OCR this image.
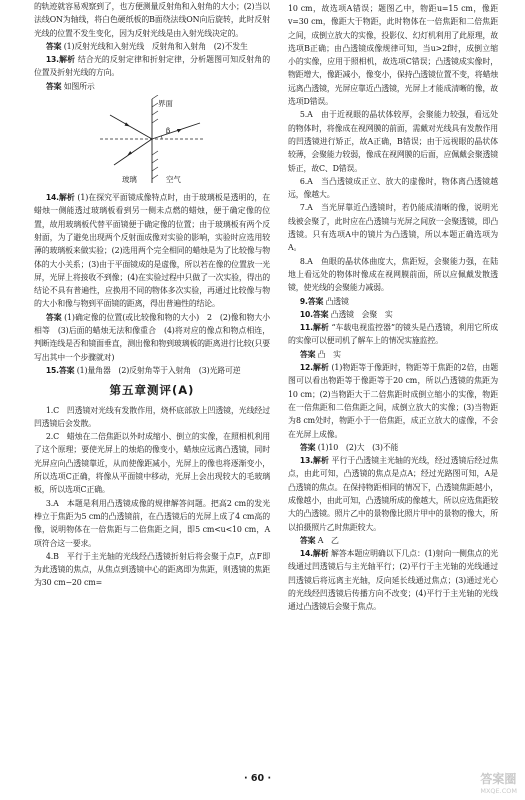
的轨迹就容易观察到了，也方便测量反射角和入射角的大小；(2)当以法线ON为轴线，将白色硬纸板的B面绕法线ON向后旋转，此时反射光线的位置不发生变化，因为反射光线是由入射光线决定的。

答案 (1)反射光线和入射光线　反射角和入射角　(2)不发生

13.解析 结合光的反射定律和折射定律，分析题图可知反射角的位置及折射光线的方向。

答案 如图所示

界面
β
玻璃	空气

14.解析 (1)在探究平面镜成像特点时，由于玻璃板是透明的，在蜡烛一侧能透过玻璃板看到另一侧未点燃的蜡烛，便于确定像的位置，故用玻璃板代替平面镜便于确定像的位置；由于玻璃板有两个反射面，为了避免出现两个反射面成像对实验的影响，实验时应选用较薄的玻璃板来做实验；(2)选用两个完全相同的蜡烛是为了比较像与物体的大小关系；(3)由于平面镜成的是虚像，所以若在像的位置放一光屏，光屏上将接收不到像；(4)在实验过程中只做了一次实验，得出的结论不具有普遍性，应换用不同的物体多次实验，再通过比较像与物的大小和像与物到平面镜的距离，得出普遍性的结论。

答案 (1)确定像的位置(或比较像和物的大小)　2　(2)像和物大小相等　(3)后面的蜡烛无法和像重合　(4)将对应的像点和物点相连，判断连线是否和镜面垂直，测出像和物到玻璃板的距离进行比较(只要写出其中一个步骤就对)

15.答案 (1)量角器　(2)反射角等于入射角　(3)光路可逆

第五章测评(A)

1.C　凹透镜对光线有发散作用，烧杯底部放上凹透镜，光线经过凹透镜后会发散。

2.C　蜡烛在二倍焦距以外时成缩小、倒立的实像，在照相机利用了这个原理；要使光屏上的烛焰的像变小，蜡烛应远离凸透镜，同时光屏应向凸透镜靠近，从而使像距减小，光屏上的像也将逐渐变小，所以选项C正确，将像从平面镜中移动，光屏上会出现较大的毛玻璃板，所以选项C正确。

3.A　本题是利用凸透镜成像的规律解答问题。把高2 cm的发光棒立于焦距为5 cm的凸透镜前，在凸透镜后的光屏上成了4 cm高的像，说明物体在一倍焦距与二倍焦距之间，即5 cm<u<10 cm，A项符合这一要求。

4.B　平行于主光轴的光线经凸透镜折射后将会聚于点F，点F即为此透镜的焦点，从焦点到透镜中心的距离即为焦距，则透镜的焦距为30 cm−20 cm=

10 cm，故选项A错误；题图乙中，物距u=15 cm，像距v=30 cm，像距大于物距，此时物体在一倍焦距和二倍焦距之间，成倒立放大的实像，投影仪、幻灯机利用了此原理，故选项B正确；由凸透镜成像规律可知，当u>2f时，成倒立缩小的实像，应用于照相机，故选项C错误；凸透镜成实像时，物距增大，像距减小，像变小，保持凸透镜位置不变，将蜡烛远离凸透镜，光屏应靠近凸透镜，光屏上才能成清晰的像，故选项D错误。

5.A　由于近视眼的晶状体较厚，会聚能力较强，看远处的物体时，将像成在视网膜的前面，需戴对光线具有发散作用的凹透镜进行矫正，故A正确，B错误；由于远视眼的晶状体较薄，会聚能力较弱，像成在视网膜的后面，应佩戴会聚透镜矫正，故C、D错误。

6.A　当凸透镜成正立、放大的虚像时，物体离凸透镜越远，像越大。

7.A　当光屏靠近凸透镜时，若仍能成清晰的像，说明光线被会聚了，此时应在凸透镜与光屏之间放一会聚透镜，即凸透镜。只有选项A中的镜片为凸透镜，所以本题正确选项为A。

8.A　鱼眼的晶状体曲度大，焦距短，会聚能力强，在陆地上看远处的物体时像成在视网膜前面，所以应佩戴发散透镜，使光线的会聚能力减弱。

9.答案 凸透镜

10.答案 凸透镜　会聚　实

11.解析 “车载电视监控器”的镜头是凸透镜，利用它所成的实像可以便司机了解车上的情况实施监控。

答案 凸　实

12.解析 (1)物距等于像距时，物距等于焦距的2倍，由题图可以看出物距等于像距等于20 cm，所以凸透镜的焦距为10 cm；(2)当物距大于二倍焦距时成倒立缩小的实像，物距在一倍焦距和二倍焦距之间，成倒立放大的实像；(3)当物距为8 cm处时，物距小于一倍焦距，成正立放大的虚像，不会在光屏上成像。

答案 (1)10　(2)大　(3)不能

13.解析 平行于凸透镜主光轴的光线，经过透镜后经过焦点，由此可知，凸透镜的焦点是点A；经过光路图可知，A是凸透镜的焦点。在保持物距相同的情况下，凸透镜焦距越小，成像越小，由此可知，凸透镜所成的像越大，所以应选焦距较大的凸透镜。照片乙中的景物像比照片甲中的景物的像大，所以拍摄照片乙时焦距较大。

答案 A　乙

14.解析 解答本题应明确以下几点：(1)射向一侧焦点的光线通过凹透镜后与主光轴平行；(2)平行于主光轴的光线通过凹透镜后将远离主光轴，反向延长线通过焦点；(3)通过光心的光线经凹透镜后传播方向不改变；(4)平行于主光轴的光线通过凸透镜后会聚于焦点。

· 60 ·	答案圈
MXQE.COM
